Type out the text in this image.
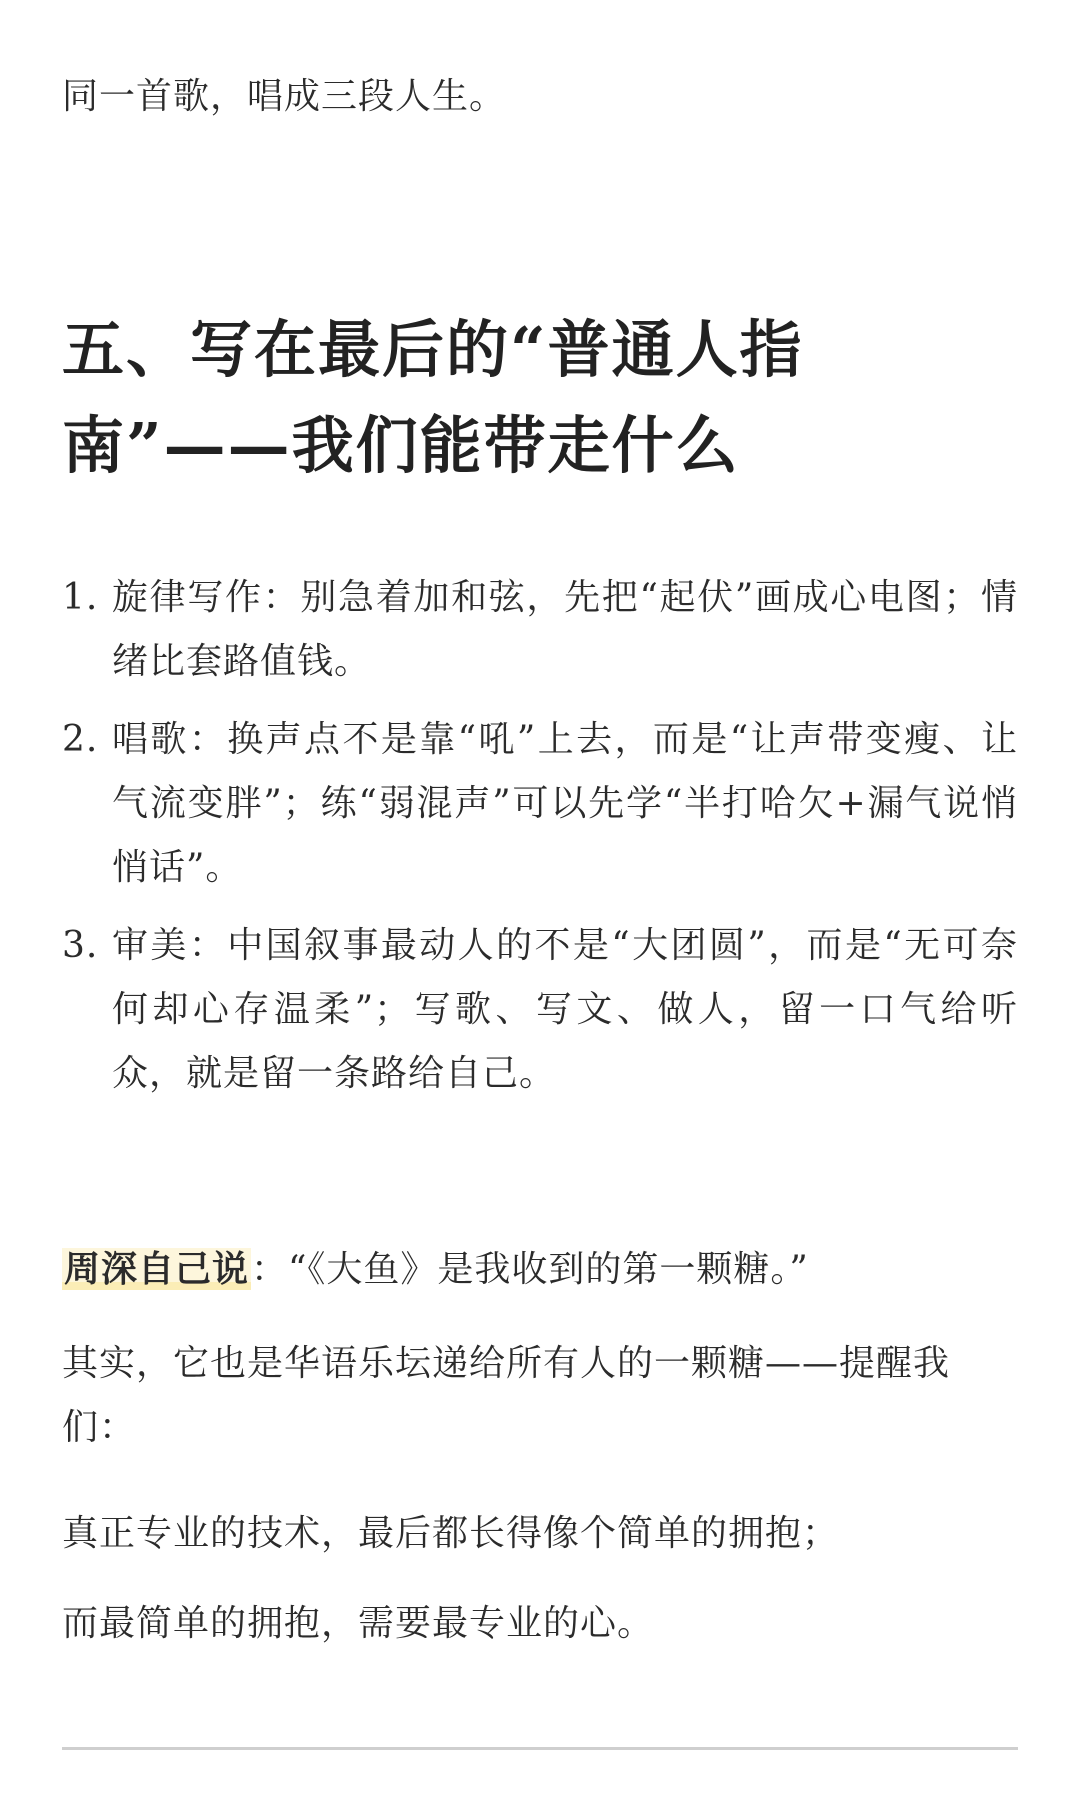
同一首歌，唱成三段人生。

五、写在最后的“普通人指南”——我们能带走什么
1. 旋律写作：别急着加和弦，先把“起伏”画成心电图；情绪比套路值钱。
2. 唱歌：换声点不是靠“吼”上去，而是“让声带变瘦、让气流变胖”；练“弱混声”可以先学“半打哈欠+漏气说悄悄话”。
3. 审美：中国叙事最动人的不是“大团圆”，而是“无可奈何却心存温柔”；写歌、写文、做人，留一口气给听众，就是留一条路给自己。

周深自己说：“《大鱼》是我收到的第一颗糖。”

其实，它也是华语乐坛递给所有人的一颗糖——提醒我们：

真正专业的技术，最后都长得像个简单的拥抱；

而最简单的拥抱，需要最专业的心。
